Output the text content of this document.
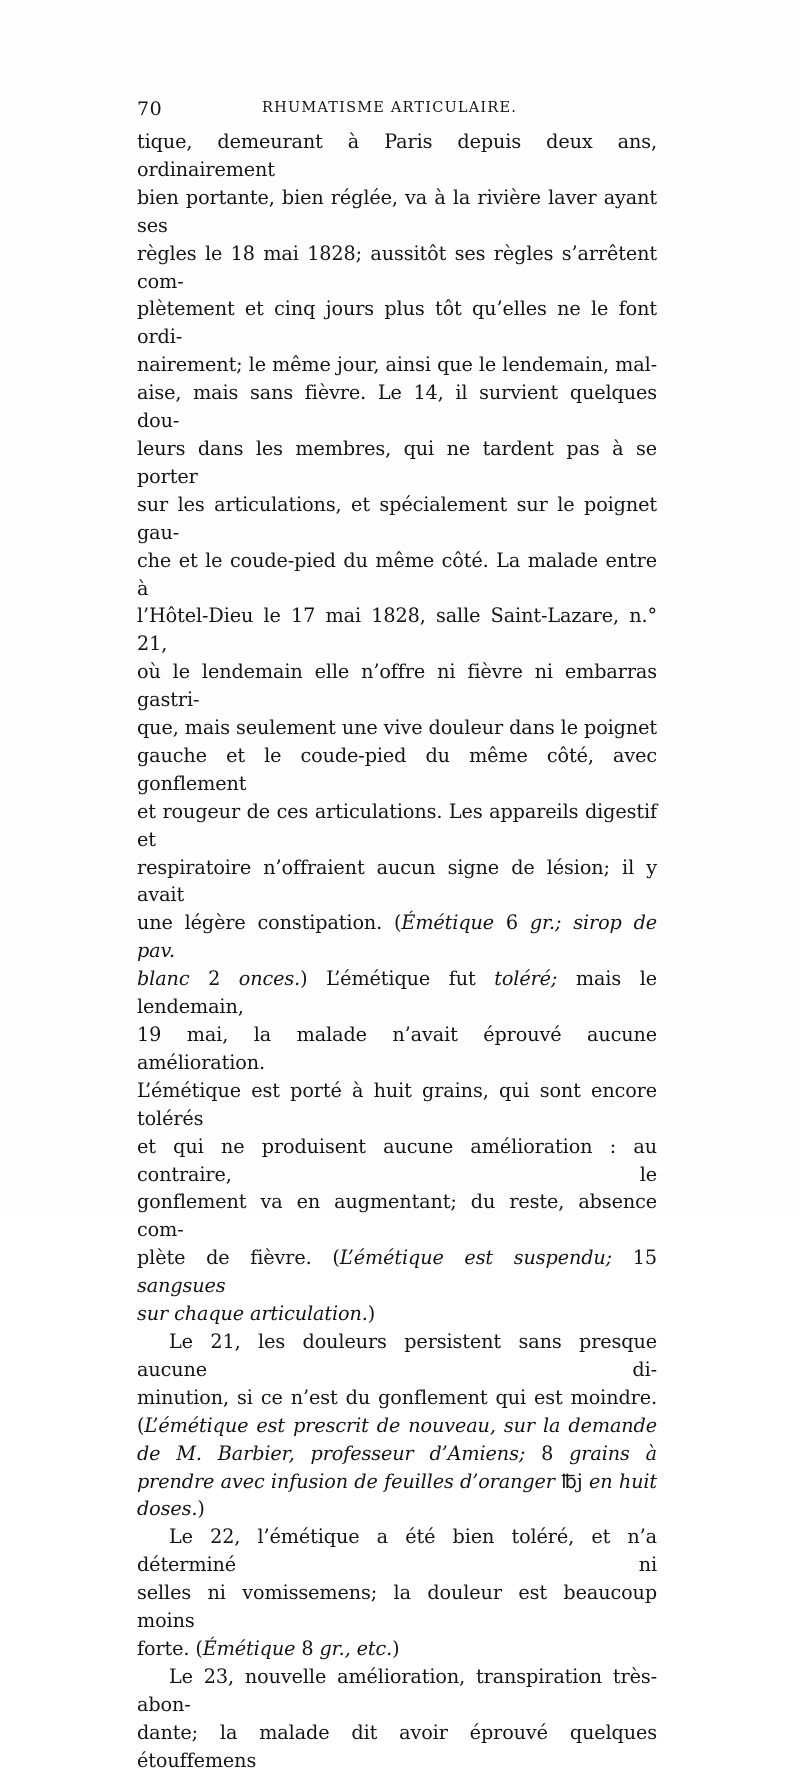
70	RHUMATISME ARTICULAIRE.

tique, demeurant à Paris depuis deux ans, ordinairement

bien portante, bien réglée, va à la rivière laver ayant ses

règles le 18 mai 1828; aussitôt ses règles s’arrêtent com-

plètement et cinq jours plus tôt qu’elles ne le font ordi-

nairement; le même jour, ainsi que le lendemain, mal-

aise, mais sans fièvre. Le 14, il survient quelques dou-

leurs dans les membres, qui ne tardent pas à se porter

sur les articulations, et spécialement sur le poignet gau-

che et le coude-pied du même côté. La malade entre à

l’Hôtel-Dieu le 17 mai 1828, salle Saint-Lazare, n.° 21,

où le lendemain elle n’offre ni fièvre ni embarras gastri-

que, mais seulement une vive douleur dans le poignet

gauche et le coude-pied du même côté, avec gonflement

et rougeur de ces articulations. Les appareils digestif et

respiratoire n’offraient aucun signe de lésion; il y avait

une légère constipation. (Émétique 6 gr.; sirop de pav.

blanc 2 onces.) L’émétique fut toléré; mais le lendemain,

19 mai, la malade n’avait éprouvé aucune amélioration.

L’émétique est porté à huit grains, qui sont encore tolérés

et qui ne produisent aucune amélioration : au contraire, le

gonflement va en augmentant; du reste, absence com-

plète de fièvre. (L’émétique est suspendu; 15 sangsues

sur chaque articulation.)

Le 21, les douleurs persistent sans presque aucune di-

minution, si ce n’est du gonflement qui est moindre.

(L’émétique est prescrit de nouveau, sur la demande

de M. Barbier, professeur d’Amiens; 8 grains à

prendre avec infusion de feuilles d’oranger ℔j en huit

doses.)

Le 22, l’émétique a été bien toléré, et n’a déterminé ni

selles ni vomissemens; la douleur est beaucoup moins

forte. (Émétique 8 gr., etc.)

Le 23, nouvelle amélioration, transpiration très-abon-

dante; la malade dit avoir éprouvé quelques étouffemens
